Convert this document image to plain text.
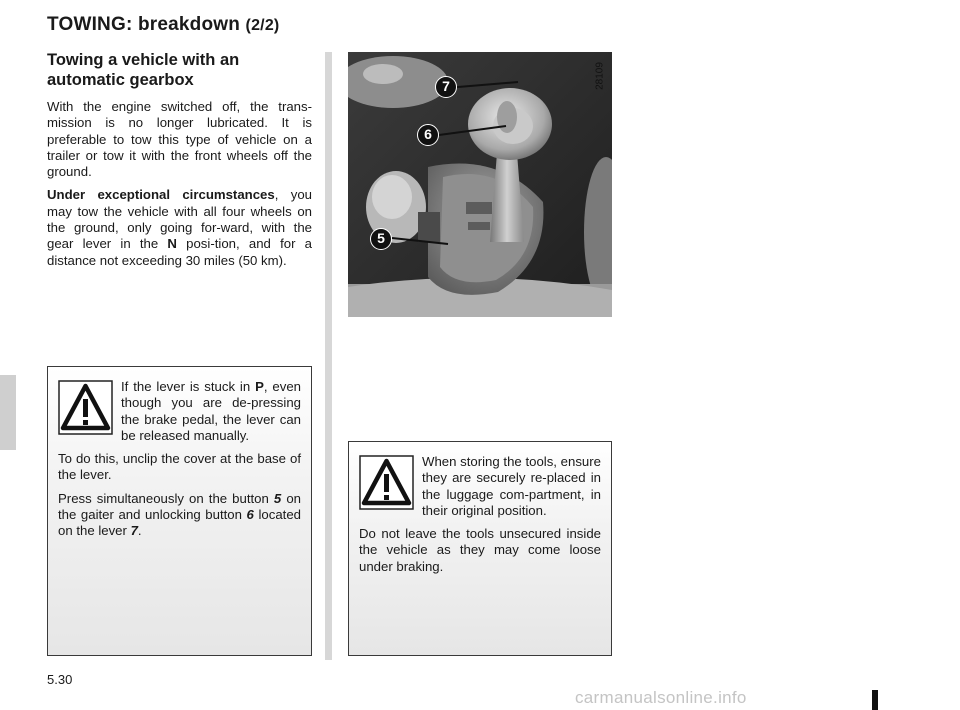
TOWING: breakdown (2/2)
Towing a vehicle with an automatic gearbox

With the engine switched off, the trans-mission is no longer lubricated. It is preferable to tow this type of vehicle on a trailer or tow it with the front wheels off the ground.

Under exceptional circumstances, you may tow the vehicle with all four wheels on the ground, only going for-ward, with the gear lever in the N posi-tion, and for a distance not exceeding 30 miles (50 km).

7
6
5
28109

If the lever is stuck in P, even though you are de-pressing the brake pedal, the lever can be released manually.

To do this, unclip the cover at the base of the lever.

Press simultaneously on the button 5 on the gaiter and unlocking button 6 located on the lever 7.

When storing the tools, ensure they are securely re-placed in the luggage com-partment, in their original position.

Do not leave the tools unsecured inside the vehicle as they may come loose under braking.

5.30
carmanualsonline.info
